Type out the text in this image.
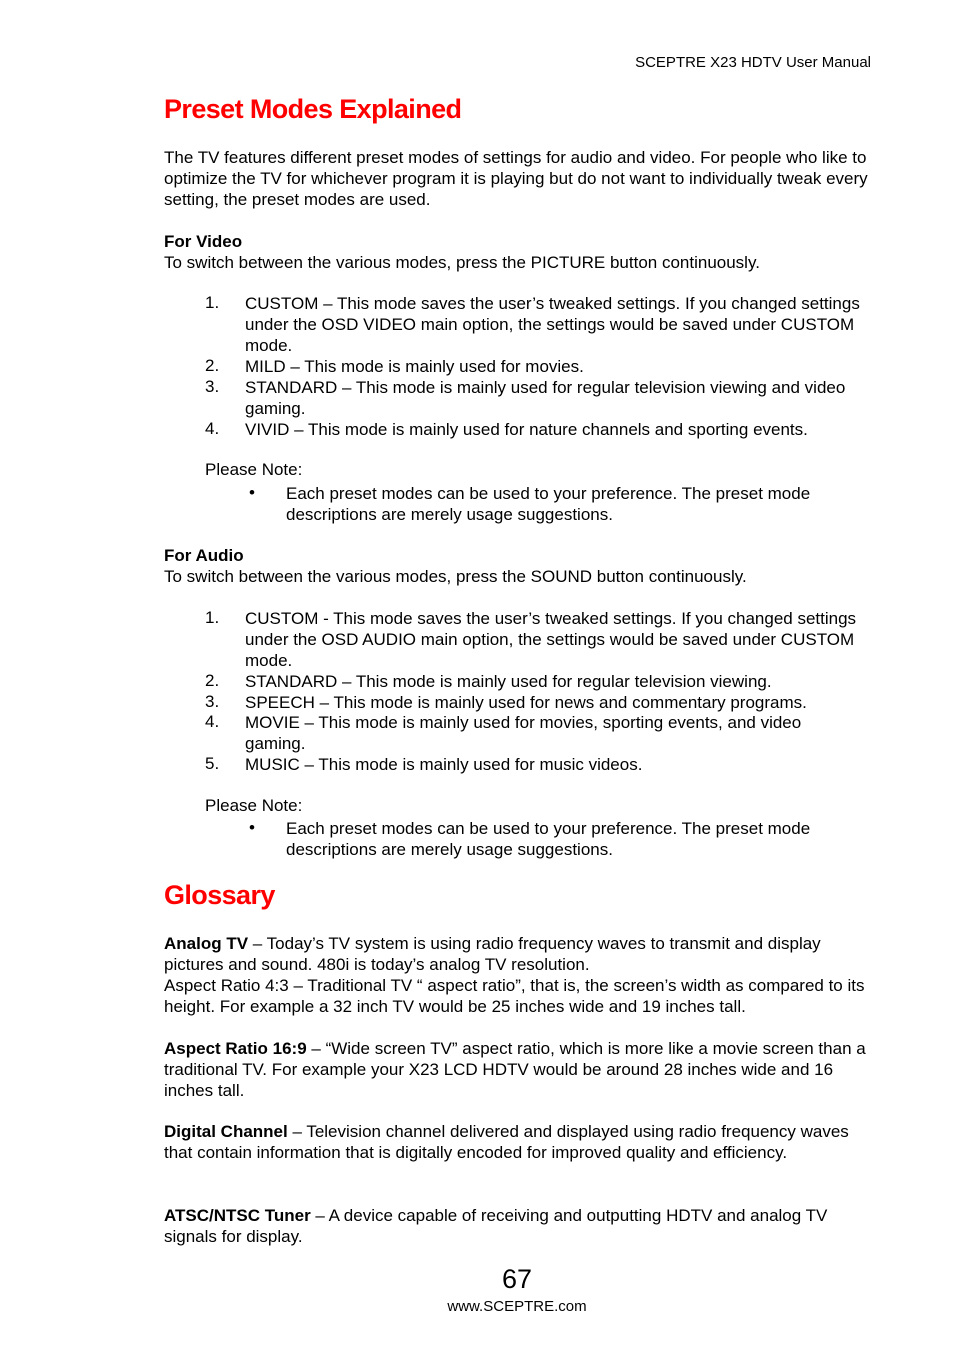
SCEPTRE X23 HDTV User Manual
Preset Modes Explained
The TV features different preset modes of settings for audio and video. For people who like to optimize the TV for whichever program it is playing but do not want to individually tweak every setting, the preset modes are used.
For Video
To switch between the various modes, press the PICTURE button continuously.
1. CUSTOM – This mode saves the user’s tweaked settings. If you changed settings under the OSD VIDEO main option, the settings would be saved under CUSTOM mode.
2. MILD – This mode is mainly used for movies.
3. STANDARD – This mode is mainly used for regular television viewing and video gaming.
4. VIVID – This mode is mainly used for nature channels and sporting events.
Please Note:
• Each preset modes can be used to your preference. The preset mode descriptions are merely usage suggestions.
For Audio
To switch between the various modes, press the SOUND button continuously.
1. CUSTOM - This mode saves the user’s tweaked settings. If you changed settings under the OSD AUDIO main option, the settings would be saved under CUSTOM mode.
2. STANDARD – This mode is mainly used for regular television viewing.
3. SPEECH – This mode is mainly used for news and commentary programs.
4. MOVIE – This mode is mainly used for movies, sporting events, and video gaming.
5. MUSIC – This mode is mainly used for music videos.
Please Note:
• Each preset modes can be used to your preference. The preset mode descriptions are merely usage suggestions.
Glossary
Analog TV – Today’s TV system is using radio frequency waves to transmit and display pictures and sound. 480i is today’s analog TV resolution.
Aspect Ratio 4:3 – Traditional TV “ aspect ratio”, that is, the screen’s width as compared to its height. For example a 32 inch TV would be 25 inches wide and 19 inches tall.
Aspect Ratio 16:9 – “Wide screen TV” aspect ratio, which is more like a movie screen than a traditional TV. For example your X23 LCD HDTV would be around 28 inches wide and 16 inches tall.
Digital Channel – Television channel delivered and displayed using radio frequency waves that contain information that is digitally encoded for improved quality and efficiency.
ATSC/NTSC Tuner – A device capable of receiving and outputting HDTV and analog TV signals for display.
67
www.SCEPTRE.com
